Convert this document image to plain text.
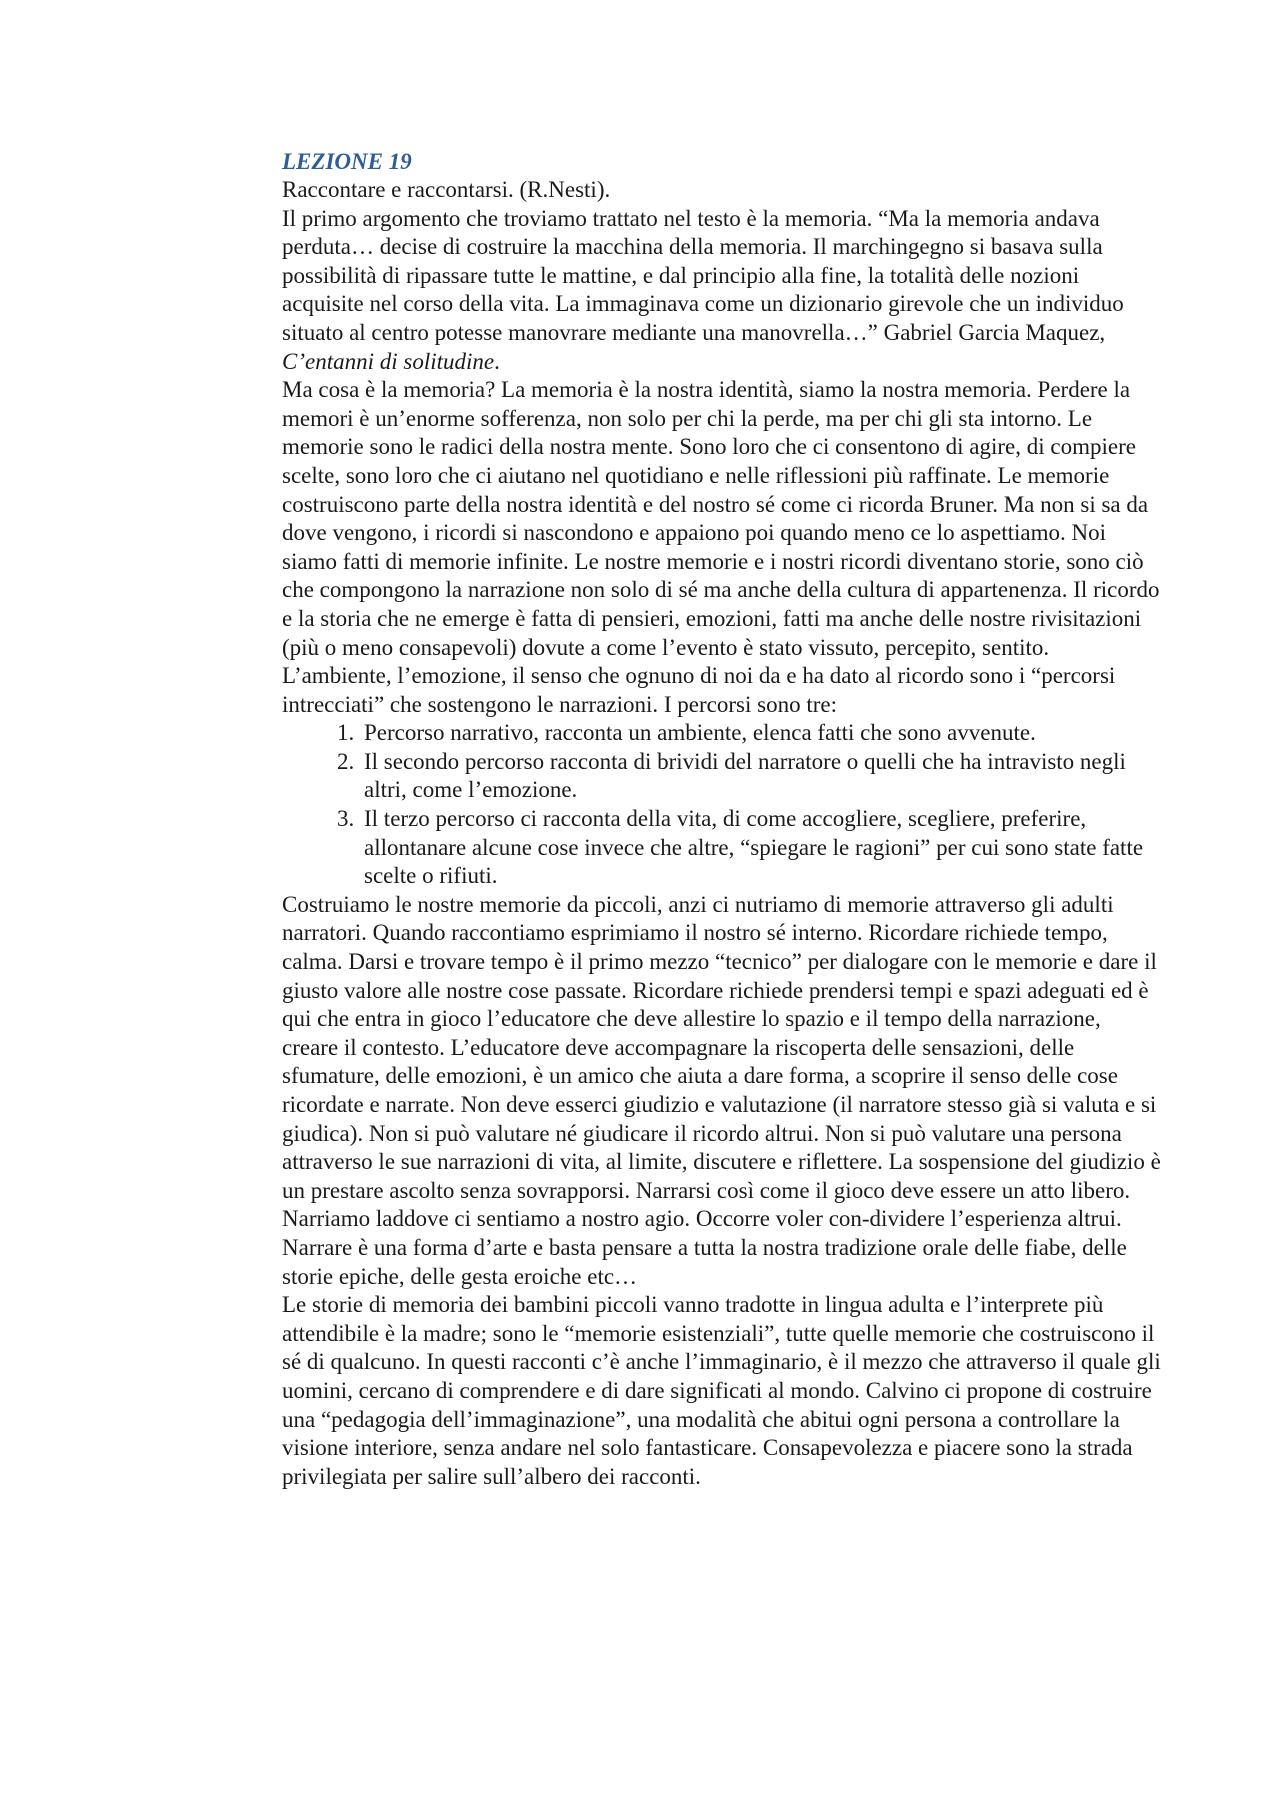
LEZIONE 19

Raccontare e raccontarsi. (R.Nesti).

Il primo argomento che troviamo trattato nel testo è la memoria. “Ma la memoria andava perduta… decise di costruire la macchina della memoria. Il marchingegno si basava sulla possibilità di ripassare tutte le mattine, e dal principio alla fine, la totalità delle nozioni acquisite nel corso della vita. La immaginava come un dizionario girevole che un individuo situato al centro potesse manovrare mediante una manovrella…” Gabriel Garcia Maquez, C’entanni di solitudine.

Ma cosa è la memoria? La memoria è la nostra identità, siamo la nostra memoria. Perdere la memori è un’enorme sofferenza, non solo per chi la perde, ma per chi gli sta intorno. Le memorie sono le radici della nostra mente. Sono loro che ci consentono di agire, di compiere scelte, sono loro che ci aiutano nel quotidiano e nelle riflessioni più raffinate. Le memorie costruiscono parte della nostra identità e del nostro sé come ci ricorda Bruner. Ma non si sa da dove vengono, i ricordi si nascondono e appaiono poi quando meno ce lo aspettiamo. Noi siamo fatti di memorie infinite. Le nostre memorie e i nostri ricordi diventano storie, sono ciò che compongono la narrazione non solo di sé ma anche della cultura di appartenenza. Il ricordo e la storia che ne emerge è fatta di pensieri, emozioni, fatti ma anche delle nostre rivisitazioni (più o meno consapevoli) dovute a come l’evento è stato vissuto, percepito, sentito. L’ambiente, l’emozione, il senso che ognuno di noi da e ha dato al ricordo sono i “percorsi intrecciati” che sostengono le narrazioni. I percorsi sono tre:

1. Percorso narrativo, racconta un ambiente, elenca fatti che sono avvenute.
2. Il secondo percorso racconta di brividi del narratore o quelli che ha intravisto negli altri, come l’emozione.
3. Il terzo percorso ci racconta della vita, di come accogliere, scegliere, preferire, allontanare alcune cose invece che altre, “spiegare le ragioni” per cui sono state fatte scelte o rifiuti.

Costruiamo le nostre memorie da piccoli, anzi ci nutriamo di memorie attraverso gli adulti narratori. Quando raccontiamo esprimiamo il nostro sé interno. Ricordare richiede tempo, calma. Darsi e trovare tempo è il primo mezzo “tecnico” per dialogare con le memorie e dare il giusto valore alle nostre cose passate. Ricordare richiede prendersi tempi e spazi adeguati ed è qui che entra in gioco l’educatore che deve allestire lo spazio e il tempo della narrazione, creare il contesto. L’educatore deve accompagnare la riscoperta delle sensazioni, delle sfumature, delle emozioni, è un amico che aiuta a dare forma, a scoprire il senso delle cose ricordate e narrate. Non deve esserci giudizio e valutazione (il narratore stesso già si valuta e si giudica). Non si può valutare né giudicare il ricordo altrui. Non si può valutare una persona attraverso le sue narrazioni di vita, al limite, discutere e riflettere. La sospensione del giudizio è un prestare ascolto senza sovrapporsi. Narrarsi così come il gioco deve essere un atto libero. Narriamo laddove ci sentiamo a nostro agio. Occorre voler con-dividere l’esperienza altrui. Narrare è una forma d’arte e basta pensare a tutta la nostra tradizione orale delle fiabe, delle storie epiche, delle gesta eroiche etc…

Le storie di memoria dei bambini piccoli vanno tradotte in lingua adulta e l’interprete più attendibile è la madre; sono le “memorie esistenziali”, tutte quelle memorie che costruiscono il sé di qualcuno. In questi racconti c’è anche l’immaginario, è il mezzo che attraverso il quale gli uomini, cercano di comprendere e di dare significati al mondo. Calvino ci propone di costruire una “pedagogia dell’immaginazione”, una modalità che abitui ogni persona a controllare la visione interiore, senza andare nel solo fantasticare. Consapevolezza e piacere sono la strada privilegiata per salire sull’albero dei racconti.
